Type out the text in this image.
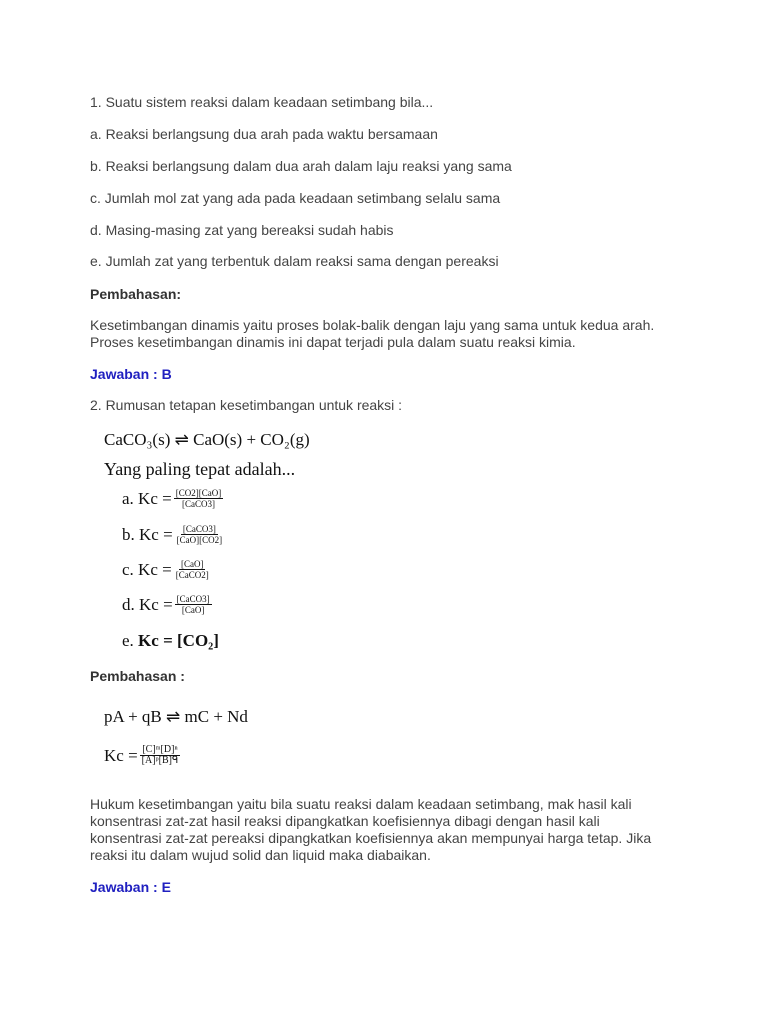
1. Suatu sistem reaksi dalam keadaan setimbang bila...
a. Reaksi berlangsung dua arah pada waktu bersamaan
b. Reaksi berlangsung dalam dua arah dalam laju reaksi yang sama
c. Jumlah mol zat yang ada pada keadaan setimbang selalu sama
d. Masing-masing zat yang bereaksi sudah habis
e. Jumlah zat yang terbentuk dalam reaksi sama dengan pereaksi
Pembahasan:
Kesetimbangan dinamis yaitu proses bolak-balik dengan laju yang sama untuk kedua arah.
Proses kesetimbangan dinamis ini dapat terjadi pula dalam suatu reaksi kimia.
Jawaban : B
2. Rumusan tetapan kesetimbangan untuk reaksi :
CaCO₃(s) ⇌ CaO(s) + CO₂(g)
Yang paling tepat adalah...
a.
$Kc = \frac{\text{[CO2][CaO]}}{\text{[CaCO3]}}$
b.
$Kc = \frac{\text{[CaCO3]}}{\text{[CaO][CO2]}}$
c.
$Kc = \frac{\text{[CaO]}}{\text{[CaCO2]}}$
d.
$Kc = \frac{\text{[CaCO3]}}{\text{[CaO]}}$
e.
Kc = [CO₂]
Pembahasan :
pA + qB ⇌ mC + Nd
$Kc = \frac{\text{[C]ᵐ[D]ⁿ}}{\text{[A]ᵖ[B]ᑫ}}$
Hukum kesetimbangan yaitu bila suatu reaksi dalam keadaan setimbang, mak hasil kali
konsentrasi zat-zat hasil reaksi dipangkatkan koefisiennya dibagi dengan hasil kali
konsentrasi zat-zat pereaksi dipangkatkan koefisiennya akan mempunyai harga tetap. Jika
reaksi itu dalam wujud solid dan liquid maka diabaikan.
Jawaban : E
